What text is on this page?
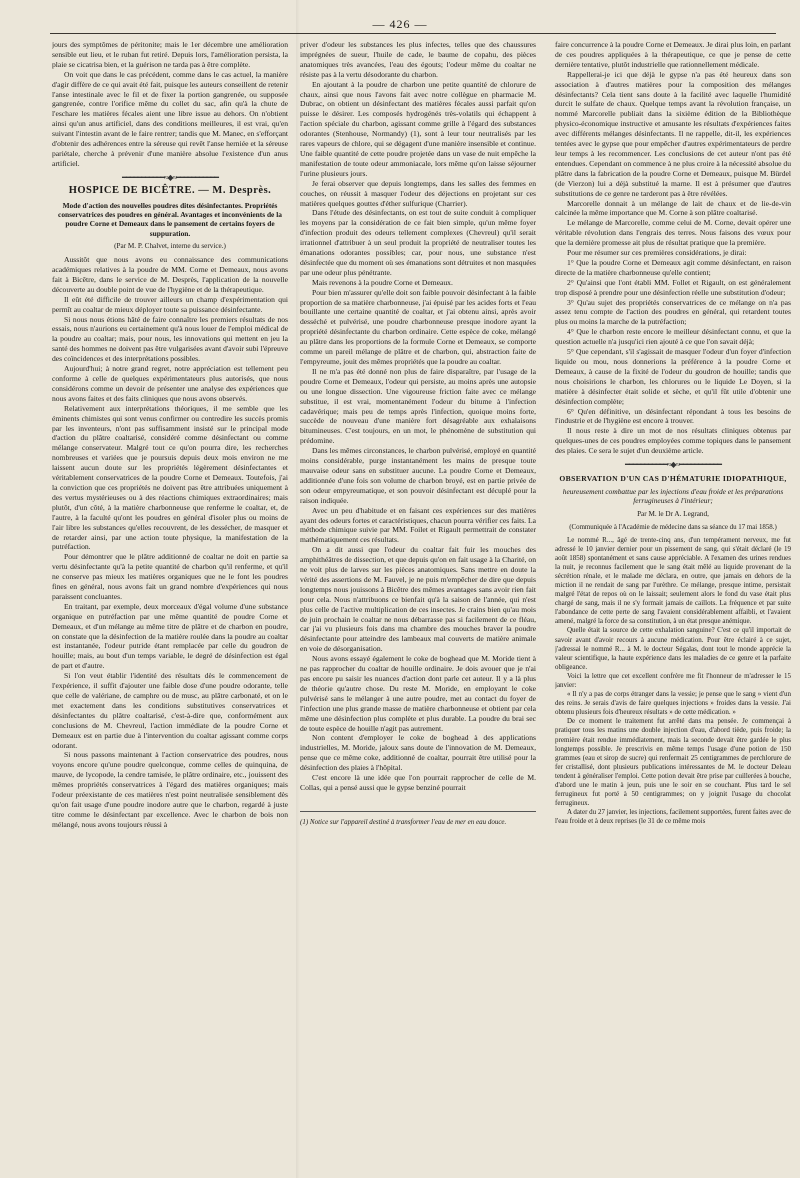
— 426 —

jours des symptômes de péritonite; mais le 1er décembre une amélioration sensible eut lieu, et le ruban fut retiré. Depuis lors, l'amélioration persista, la plaie se cicatrisa bien, et la guérison ne tarda pas à être complète.

On voit que dans le cas précédent, comme dans le cas actuel, la manière d'agir diffère de ce qui avait été fait, puisque les auteurs conseillent de retenir l'anse intestinale avec le fil et de fixer la portion gangrenée, ou supposée gangrenée, contre l'orifice même du collet du sac, afin qu'à la chute de l'eschare les matières fécales aient une libre issue au dehors. On n'obtient ainsi qu'un anus artificiel, dans des conditions meilleures, il est vrai, qu'en suivant l'intestin avant de le faire rentrer; tandis que M. Manec, en s'efforçant d'obtenir des adhérences entre la séreuse qui revêt l'anse herniée et la séreuse pariétale, cherche à prévenir d'une manière absolue l'existence d'un anus artificiel.

━━━━━━━━━━━≈◆≈━━━━━━━━━━━
HOSPICE DE BICÊTRE. — M. Desprès.
Mode d'action des nouvelles poudres dites désinfectantes. Propriétés conservatrices des poudres en général. Avantages et inconvénients de la poudre Corne et Demeaux dans le pansement de certains foyers de suppuration.
(Par M. P. Chalvet, interne du service.)

Aussitôt que nous avons eu connaissance des communications académiques relatives à la poudre de MM. Corne et Demeaux, nous avons fait à Bicêtre, dans le service de M. Desprès, l'application de la nouvelle découverte au double point de vue de l'hygiène et de la thérapeutique.

Il eût été difficile de trouver ailleurs un champ d'expérimentation qui permît au coaltar de mieux déployer toute sa puissance désinfectante.

Si nous nous étions hâté de faire connaître les premiers résultats de nos essais, nous n'aurions eu certainement qu'à nous louer de l'emploi médical de la poudre au coaltar; mais, pour nous, les innovations qui mettent en jeu la santé des hommes ne doivent pas être vulgarisées avant d'avoir subi l'épreuve des coïncidences et des interprétations possibles.

Aujourd'hui; à notre grand regret, notre appréciation est tellement peu conforme à celle de quelques expérimentateurs plus autorisés, que nous considérons comme un devoir de présenter une analyse des expériences que nous avons faites et des faits cliniques que nous avons observés.

Relativement aux interprétations théoriques, il me semble que les éminents chimistes qui sont venus confirmer ou contredire les succès promis par les inventeurs, n'ont pas suffisamment insisté sur le principal mode d'action du plâtre coaltarisé, considéré comme désinfectant ou comme mélange conservateur. Malgré tout ce qu'on pourra dire, les recherches nombreuses et variées que je poursuis depuis deux mois environ ne me laissent aucun doute sur les propriétés légèrement désinfectantes et véritablement conservatrices de la poudre Corne et Demeaux. Toutefois, j'ai la conviction que ces propriétés ne doivent pas être attribuées uniquement à des vertus mystérieuses ou à des réactions chimiques extraordinaires; mais plutôt, d'un côté, à la matière charbonneuse que renferme le coaltar, et, de l'autre, à la faculté qu'ont les poudres en général d'isoler plus ou moins de l'air libre les substances qu'elles recouvrent, de les dessécher, de masquer et de retarder ainsi, par une action toute physique, la manifestation de la putréfaction.

Pour démontrer que le plâtre additionné de coaltar ne doit en partie sa vertu désinfectante qu'à la petite quantité de charbon qu'il renferme, et qu'il ne conserve pas mieux les matières organiques que ne le font les poudres fines en général, nous avons fait un grand nombre d'expériences qui nous paraissent concluantes.

En traitant, par exemple, deux morceaux d'égal volume d'une substance organique en putréfaction par une même quantité de poudre Corne et Demeaux, et d'un mélange au même titre de plâtre et de charbon en poudre, on constate que la désinfection de la matière roulée dans la poudre au coaltar est instantanée, l'odeur putride étant remplacée par celle du goudron de houille; mais, au bout d'un temps variable, le degré de désinfection est égal de part et d'autre.

Si l'on veut établir l'identité des résultats dès le commencement de l'expérience, il suffit d'ajouter une faible dose d'une poudre odorante, telle que celle de valériane, de camphre ou de musc, au plâtre carbonaté, et on le met exactement dans les conditions substitutives conservatrices et désinfectantes du plâtre coaltarisé, c'est-à-dire que, conformément aux conclusions de M. Chevreul, l'action immédiate de la poudre Corne et Demeaux est en partie due à l'intervention du coaltar agissant comme corps odorant.

Si nous passons maintenant à l'action conservatrice des poudres, nous voyons encore qu'une poudre quelconque, comme celles de quinquina, de mauve, de lycopode, la cendre tamisée, le plâtre ordinaire, etc., jouissent des mêmes propriétés conservatrices à l'égard des matières organiques; mais l'odeur préexistante de ces matières n'est point neutralisée sensiblement dès qu'on fait usage d'une poudre inodore autre que le charbon, regardé à juste titre comme le désinfectant par excellence. Avec le charbon de bois non mélangé, nous avons toujours réussi à

priver d'odeur les substances les plus infectes, telles que des chaussures imprégnées de sueur, l'huile de cade, le baume de copahu, des pièces anatomiques très avancées, l'eau des égouts; l'odeur même du coaltar ne résiste pas à la vertu désodorante du charbon.

En ajoutant à la poudre de charbon une petite quantité de chlorure de chaux, ainsi que nous l'avons fait avec notre collègue en pharmacie M. Dubrac, on obtient un désinfectant des matières fécales aussi parfait qu'on puisse le désirer. Les composés hydrogénés très-volatils qui échappent à l'action spéciale du charbon, agissant comme grille à l'égard des substances odorantes (Stenhouse, Normandy) (1), sont à leur tour neutralisés par les rares vapeurs de chlore, qui se dégagent d'une manière insensible et continue. Une faible quantité de cette poudre projetée dans un vase de nuit empêche la manifestation de toute odeur ammoniacale, lors même qu'on laisse séjourner l'urine plusieurs jours.

Je ferai observer que depuis longtemps, dans les salles des femmes en couches, on réussit à masquer l'odeur des déjections en projetant sur ces matières quelques gouttes d'éther sulfurique (Charrier).

Dans l'étude des désinfectants, on est tout de suite conduit à compliquer les moyens par la considération de ce fait bien simple, qu'un même foyer d'infection produit des odeurs tellement complexes (Chevreul) qu'il serait irrationnel d'attribuer à un seul produit la propriété de neutraliser toutes les émanations odorantes possibles; car, pour nous, une substance n'est désinfectée que du moment où ses émanations sont détruites et non masquées par une odeur plus pénétrante.

Mais revenons à la poudre Corne et Demeaux.

Pour bien m'assurer qu'elle doit son faible pouvoir désinfectant à la faible proportion de sa matière charbonneuse, j'ai épuisé par les acides forts et l'eau bouillante une certaine quantité de coaltar, et j'ai obtenu ainsi, après avoir desséché et pulvérisé, une poudre charbonneuse presque inodore ayant la propriété désinfectante du charbon ordinaire. Cette espèce de coke, mélangé au plâtre dans les proportions de la formule Corne et Demeaux, se comporte comme un pareil mélange de plâtre et de charbon, qui, abstraction faite de l'empyreume, jouit des mêmes propriétés que la poudre au coaltar.

Il ne m'a pas été donné non plus de faire disparaître, par l'usage de la poudre Corne et Demeaux, l'odeur qui persiste, au moins après une autopsie ou une longue dissection. Une vigoureuse friction faite avec ce mélange substitue, il est vrai, momentanément l'odeur du bitume à l'infection cadavérique; mais peu de temps après l'infection, quoique moins forte, succède de nouveau d'une manière fort désagréable aux exhalaisons bitumineuses. C'est toujours, en un mot, le phénomène de substitution qui prédomine.

Dans les mêmes circonstances, le charbon pulvérisé, employé en quantité moins considérable, purge instantanément les mains de presque toute mauvaise odeur sans en substituer aucune. La poudre Corne et Demeaux, additionnée d'une fois son volume de charbon broyé, est en partie privée de son odeur empyreumatique, et son pouvoir désinfectant est décuplé pour la raison indiquée.

Avec un peu d'habitude et en faisant ces expériences sur des matières ayant des odeurs fortes et caractéristiques, chacun pourra vérifier ces faits. La méthode chimique suivie par MM. Foilet et Rigault permettrait de constater mathématiquement ces résultats.

On a dit aussi que l'odeur du coaltar fait fuir les mouches des amphithéâtres de dissection, et que depuis qu'on en fait usage à la Charité, on ne voit plus de larves sur les pièces anatomiques. Sans mettre en doute la vérité des assertions de M. Fauvel, je ne puis m'empêcher de dire que depuis longtemps nous jouissons à Bicêtre des mêmes avantages sans avoir rien fait pour cela. Nous n'attribuons ce bienfait qu'à la saison de l'année, qui n'est plus celle de l'active multiplication de ces insectes. Je crains bien qu'au mois de juin prochain le coaltar ne nous débarrasse pas si facilement de ce fléau, car j'ai vu plusieurs fois dans ma chambre des mouches braver la poudre désinfectante pour atteindre des lambeaux mal couverts de matière animale en voie de désorganisation.

Nous avons essayé également le coke de boghead que M. Moride tient à ne pas rapprocher du coaltar de houille ordinaire. Je dois avouer que je n'ai pas encore pu saisir les nuances d'action dont parle cet auteur. Il y a là plus de théorie qu'autre chose. Du reste M. Moride, en employant le coke pulvérisé sans le mélanger à une autre poudre, met au contact du foyer de l'infection une plus grande masse de matière charbonneuse et obtient par cela même une désinfection plus complète et plus durable. La poudre du brai sec de toute espèce de houille n'agit pas autrement.

Non content d'employer le coke de boghead à des applications industrielles, M. Moride, jaloux sans doute de l'innovation de M. Demeaux, pense que ce même coke, additionné de coaltar, pourrait être utilisé pour la désinfection des plaies à l'hôpital.

C'est encore là une idée que l'on pourrait rapprocher de celle de M. Collas, qui a pensé aussi que le gypse benziné pourrait

(1) Notice sur l'appareil destiné à transformer l'eau de mer en eau douce.

faire concurrence à la poudre Corne et Demeaux. Je dirai plus loin, en parlant de ces poudres appliquées à la thérapeutique, ce que je pense de cette dernière tentative, plutôt industrielle que rationnellement médicale.

Rappellerai-je ici que déjà le gypse n'a pas été heureux dans son association à d'autres matières pour la composition des mélanges désinfectants? Cela tient sans doute à la facilité avec laquelle l'humidité durcit le sulfate de chaux. Quelque temps avant la révolution française, un nommé Marcorelle publiait dans la sixième édition de la Bibliothèque physico-économique instructive et amusante les résultats d'expériences faites avec différents mélanges désinfectants. Il ne rappelle, dit-il, les expériences tentées avec le gypse que pour empêcher d'autres expérimentateurs de perdre leur temps à les recommencer. Les conclusions de cet auteur n'ont pas été entendues. Cependant on commence à ne plus croire à la nécessité absolue du plâtre dans la fabrication de la poudre Corne et Demeaux, puisque M. Bürdel (de Vierzon) lui a déjà substitué la marne. Il est à présumer que d'autres substitutions de ce genre ne tarderont pas à être révélées.

Marcorelle donnait à un mélange de lait de chaux et de lie-de-vin calcinée la même importance que M. Corne à son plâtre coaltarisé.

Le mélange de Marcorelle, comme celui de M. Corne, devait opérer une véritable révolution dans l'engrais des terres. Nous faisons des vœux pour que la dernière promesse ait plus de résultat pratique que la première.

Pour me résumer sur ces premières considérations, je dirai:

1° Que la poudre Corne et Demeaux agit comme désinfectant, en raison directe de la matière charbonneuse qu'elle contient;

2° Qu'ainsi que l'ont établi MM. Follet et Rigault, on est généralement trop disposé à prendre pour une désinfection réelle une substitution d'odeur;

3° Qu'au sujet des propriétés conservatrices de ce mélange on n'a pas assez tenu compte de l'action des poudres en général, qui retardent toutes plus ou moins la marche de la putréfaction;

4° Que le charbon reste encore le meilleur désinfectant connu, et que la question actuelle n'a jusqu'ici rien ajouté à ce que l'on savait déjà;

5° Que cependant, s'il s'agissait de masquer l'odeur d'un foyer d'infection liquide ou mou, nous donnerions la préférence à la poudre Corne et Demeaux, à cause de la fixité de l'odeur du goudron de houille; tandis que nous choisirions le charbon, les chlorures ou le liquide Le Doyen, si la matière à désinfecter était solide et sèche, et qu'il fût utile d'obtenir une désinfection complète;

6° Qu'en définitive, un désinfectant répondant à tous les besoins de l'industrie et de l'hygiène est encore à trouver.

Il nous reste à dire un mot de nos résultats cliniques obtenus par quelques-unes de ces poudres employées comme topiques dans le pansement des plaies. Ce sera le sujet d'un deuxième article.

━━━━━━━━━━━≈◆≈━━━━━━━━━━━
OBSERVATION D'UN CAS D'HÉMATURIE IDIOPATHIQUE,
heureusement combattue par les injections d'eau froide et les préparations ferrugineuses à l'intérieur;
Par M. le Dr A. Legrand,
(Communiquée à l'Académie de médecine dans sa séance du 17 mai 1858.)

Le nommé R..., âgé de trente-cinq ans, d'un tempérament nerveux, me fut adressé le 10 janvier dernier pour un pissement de sang, qui s'était déclaré (le 19 août 1858) spontanément et sans cause appréciable. A l'examen des urines rendues la nuit, je reconnus facilement que le sang était mêlé au liquide provenant de la sécrétion rénale, et le malade me déclara, en outre, que jamais en dehors de la miction il ne rendait de sang par l'urèthre. Ce mélange, presque intime, persistait malgré l'état de repos où on le laissait; seulement alors le fond du vase était plus chargé de sang, mais il ne s'y formait jamais de caillots. La fréquence et par suite l'abondance de cette perte de sang l'avaient considérablement affaibli, et l'avaient amené, malgré la force de sa constitution, à un état presque anémique.

Quelle était la source de cette exhalation sanguine? C'est ce qu'il importait de savoir avant d'avoir recours à aucune médication. Pour être éclairé à ce sujet, j'adressai le nommé R... à M. le docteur Ségalas, dont tout le monde apprécie la valeur scientifique, la haute expérience dans les maladies de ce genre et la parfaite obligeance.

Voici la lettre que cet excellent confrère me fit l'honneur de m'adresser le 15 janvier:

« Il n'y a pas de corps étranger dans la vessie; je pense que le sang » vient d'un des reins. Je serais d'avis de faire quelques injections » froides dans la vessie. J'ai obtenu plusieurs fois d'heureux résultats » de cette médication. »

De ce moment le traitement fut arrêté dans ma pensée. Je commençai à pratiquer tous les matins une double injection d'eau, d'abord tiède, puis froide; la première était rendue immédiatement, mais la seconde devait être gardée le plus longtemps possible. Je prescrivis en même temps l'usage d'une potion de 150 grammes (eau et sirop de sucre) qui renfermait 25 centigrammes de perchlorure de fer cristallisé, dont plusieurs publications intéressantes de M. le docteur Deleau tendent à généraliser l'emploi. Cette potion devait être prise par cuillerées à bouche, d'abord une le matin à jeun, puis une le soir en se couchant. Plus tard le sel ferrugineux fut porté à 50 centigrammes; on y joignit l'usage du chocolat ferrugineux.

A dater du 27 janvier, les injections, facilement supportées, furent faites avec de l'eau froide et à deux reprises (le 31 de ce même mois
